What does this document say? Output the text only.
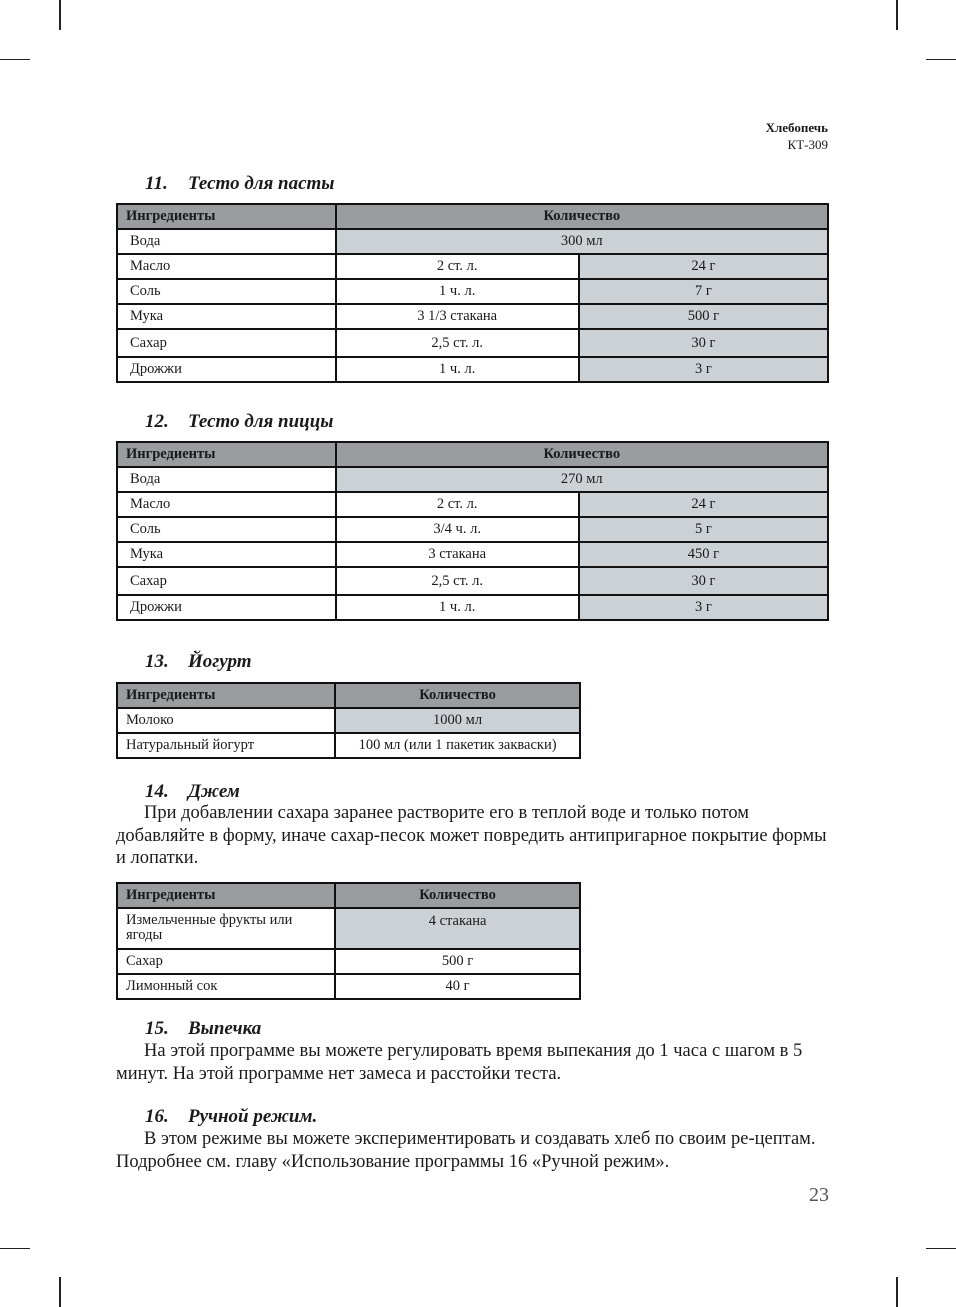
Хлебопечь
КТ-309
11. Тесто для пасты
Ингредиенты	Количество	
Вода	300 мл	
Масло	2 ст. л.	24 г
Соль	1 ч. л.	7 г
Мука	3 1/3 стакана	500 г
Сахар	2,5 ст. л.	30 г
Дрожжи	1 ч. л.	3 г
12. Тесто для пиццы
Ингредиенты	Количество	
Вода	270 мл	
Масло	2 ст. л.	24 г
Соль	3/4 ч. л.	5 г
Мука	3 стакана	450 г
Сахар	2,5 ст. л.	30 г
Дрожжи	1 ч. л.	3 г
13. Йогурт
Ингредиенты	Количество
Молоко	1000 мл
Натуральный йогурт	100 мл (или 1 пакетик закваски)
14. Джем
При добавлении сахара заранее растворите его в теплой воде и только потом добавляйте в форму, иначе сахар-песок может повредить антипригарное покрытие формы и лопатки.
Ингредиенты	Количество
Измельченные фрукты или ягоды	4 стакана
Сахар	500 г
Лимонный сок	40 г
15. Выпечка
На этой программе вы можете регулировать время выпекания до 1 часа с шагом в 5 минут. На этой программе нет замеса и расстойки теста.
16. Ручной режим.
В этом режиме вы можете экспериментировать и создавать хлеб по своим ре-цептам. Подробнее см. главу «Использование программы 16 «Ручной режим».
23
